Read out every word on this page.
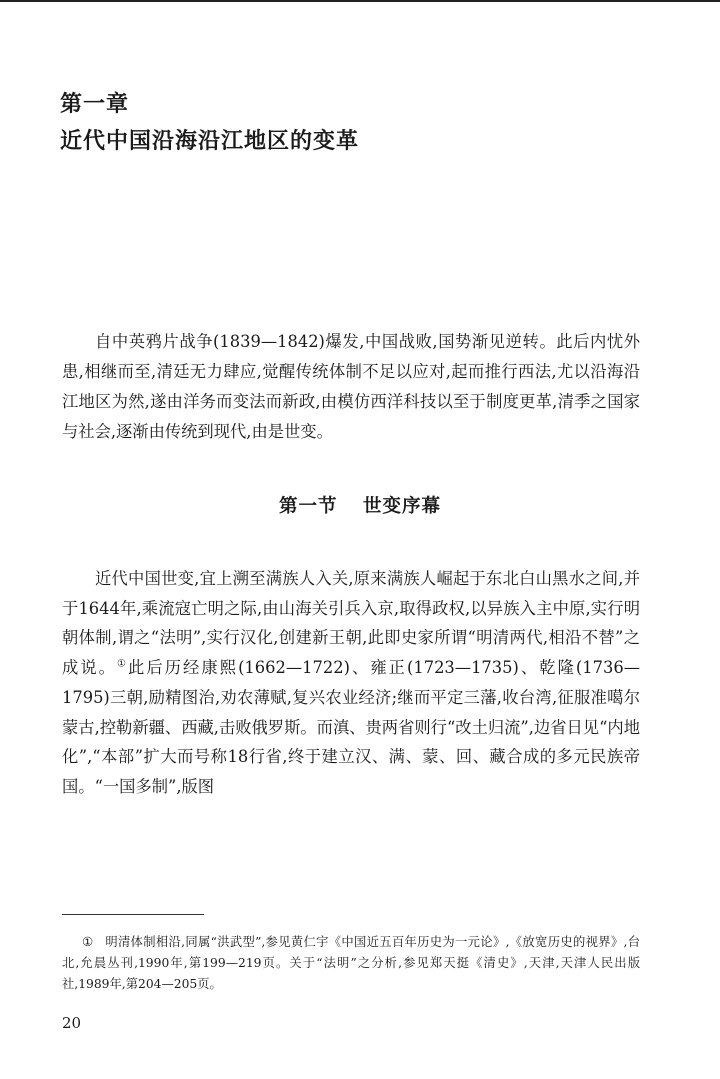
第一章
近代中国沿海沿江地区的变革

自中英鸦片战争(1839—1842)爆发,中国战败,国势渐见逆转。此后内忧外患,相继而至,清廷无力肆应,觉醒传统体制不足以应对,起而推行西法,尤以沿海沿江地区为然,遂由洋务而变法而新政,由模仿西洋科技以至于制度更革,清季之国家与社会,逐渐由传统到现代,由是世变。

第一节 世变序幕

近代中国世变,宜上溯至满族人入关,原来满族人崛起于东北白山黑水之间,并于1644年,乘流寇亡明之际,由山海关引兵入京,取得政权,以异族入主中原,实行明朝体制,谓之“法明”,实行汉化,创建新王朝,此即史家所谓“明清两代,相沿不替”之成说。①此后历经康熙(1662—1722)、雍正(1723—1735)、乾隆(1736—1795)三朝,励精图治,劝农薄赋,复兴农业经济;继而平定三藩,收台湾,征服准噶尔蒙古,控勒新疆、西藏,击败俄罗斯。而滇、贵两省则行“改土归流”,边省日见“内地化”,“本部”扩大而号称18行省,终于建立汉、满、蒙、回、藏合成的多元民族帝国。“一国多制”,版图

① 明清体制相沿,同属“洪武型”,参见黄仁宇《中国近五百年历史为一元论》,《放宽历史的视界》,台北,允晨丛刊,1990年,第199—219页。关于“法明”之分析,参见郑天挺《清史》,天津,天津人民出版社,1989年,第204—205页。

20
